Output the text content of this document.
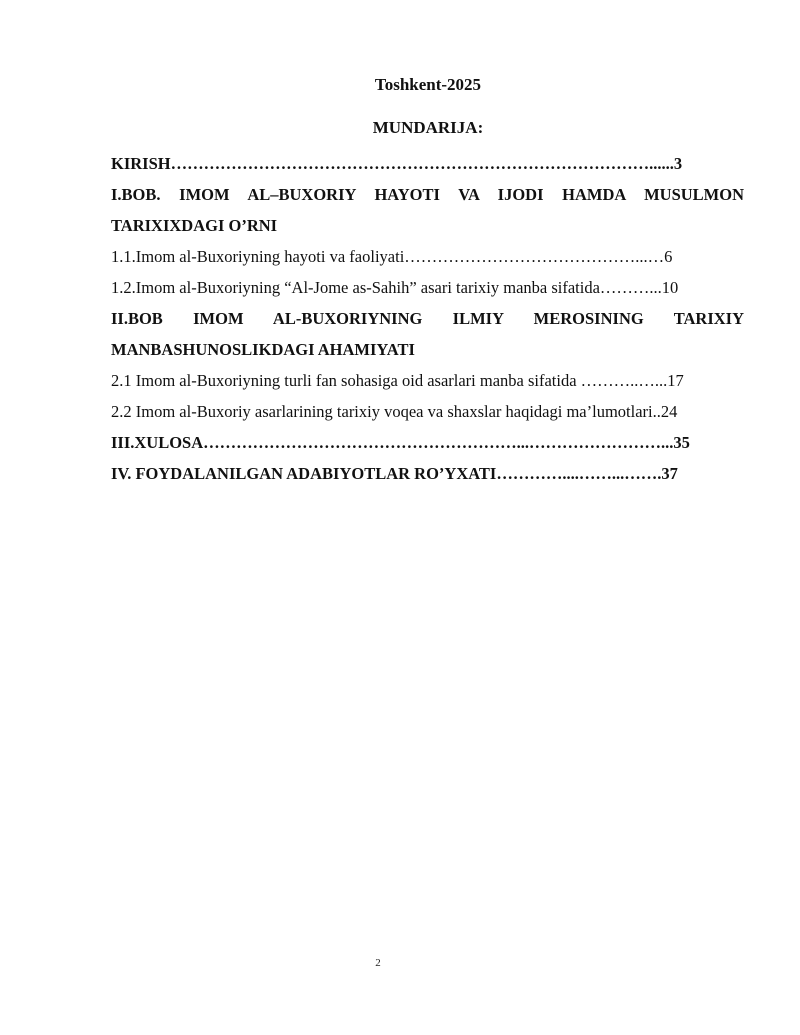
Toshkent-2025
MUNDARIJA:
KIRISH……………………………………………………………………………......3
I.BOB. IMOM AL–BUXORIY HAYOTI VA IJODI HAMDA MUSULMON
TARIXIXDAGI O’RNI
1.1.Imom al-Buxoriyning hayoti va faoliyati……………………………………...…6
1.2.Imom al-Buxoriyning “Al-Jome as-Sahih” asari tarixiy manba sifatida………...10
II.BOB IMOM AL-BUXORIYNING ILMIY MEROSINING TARIXIY
MANBASHUNOSLIKDAGI AHAMIYATI
2.1 Imom al-Buxoriyning turli fan sohasiga oid asarlari manba sifatida ………..…...17
2.2 Imom al-Buxoriy asarlarining tarixiy voqea va shaxslar haqidagi ma’lumotlari..24
III.XULOSA…………………………………………………...……………………...35
IV. FOYDALANILGAN ADABIYOTLAR RO’YXATI…………....……...…….37
2
